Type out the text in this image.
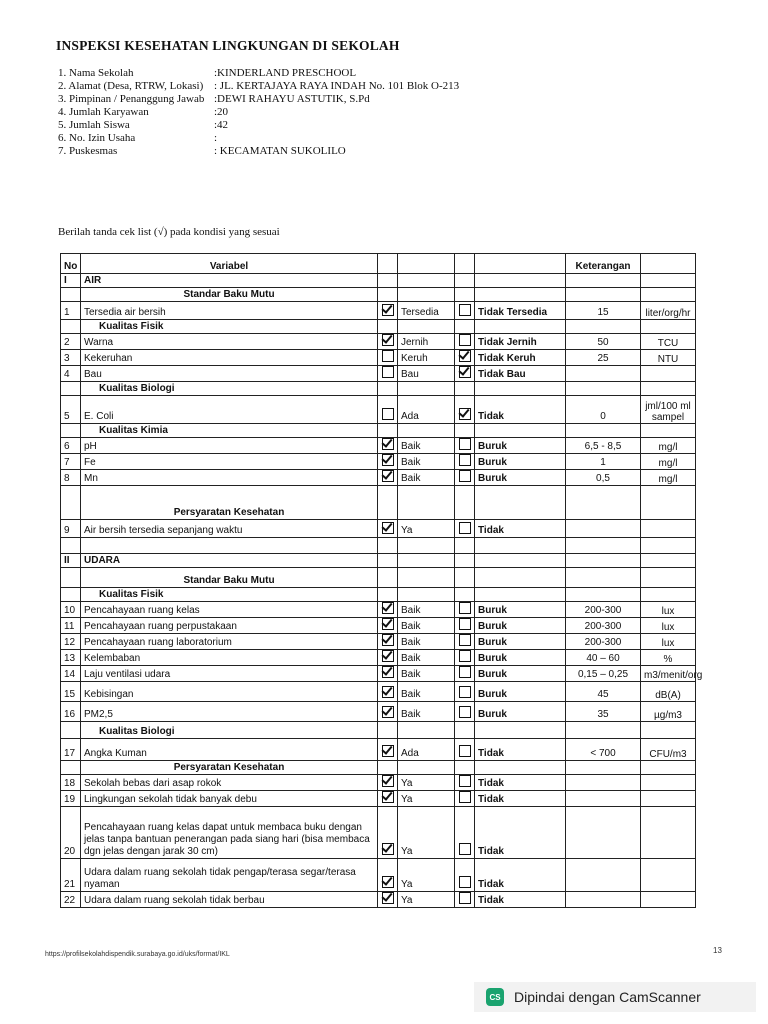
INSPEKSI KESEHATAN LINGKUNGAN DI SEKOLAH
1. Nama Sekolah	:KINDERLAND PRESCHOOL
2. Alamat (Desa, RTRW, Lokasi) : JL. KERTAJAYA RAYA INDAH No. 101 Blok O-213
3. Pimpinan / Penanggung Jawab :DEWI RAHAYU ASTUTIK, S.Pd
4. Jumlah Karyawan	:20
5. Jumlah Siswa	:42
6. No. Izin Usaha	:
7. Puskesmas	: KECAMATAN SUKOLILO
Berilah tanda cek list (√) pada kondisi yang sesuai
No	Variabel					Keterangan	
I	AIR						
	Standar Baku Mutu						
1	Tersedia air bersih		Tersedia		Tidak Tersedia	15	liter/org/hr
	Kualitas Fisik						
2	Warna		Jernih		Tidak Jernih	50	TCU
3	Kekeruhan		Keruh		Tidak Keruh	25	NTU
4	Bau		Bau		Tidak Bau		
	Kualitas Biologi						
5	E. Coli		Ada		Tidak	0	jml/100 ml sampel
	Kualitas Kimia						
6	pH		Baik		Buruk	6,5 - 8,5	mg/l
7	Fe		Baik		Buruk	1	mg/l
8	Mn		Baik		Buruk	0,5	mg/l
	Persyaratan Kesehatan						
9	Air bersih tersedia sepanjang waktu		Ya		Tidak		

II	UDARA						
	Standar Baku Mutu						
	Kualitas Fisik						
10	Pencahayaan ruang kelas		Baik		Buruk	200-300	lux
11	Pencahayaan ruang perpustakaan		Baik		Buruk	200-300	lux
12	Pencahayaan ruang laboratorium		Baik		Buruk	200-300	lux
13	Kelembaban		Baik		Buruk	40 – 60	%
14	Laju ventilasi udara		Baik		Buruk	0,15 – 0,25	m3/menit/org
15	Kebisingan		Baik		Buruk	45	dB(A)
16	PM2,5		Baik		Buruk	35	µg/m3
	Kualitas Biologi						
17	Angka Kuman		Ada		Tidak	< 700	CFU/m3
	Persyaratan Kesehatan						
18	Sekolah bebas dari asap rokok		Ya		Tidak		
19	Lingkungan sekolah tidak banyak debu		Ya		Tidak		
20	Pencahayaan ruang kelas dapat untuk membaca buku dengan jelas tanpa bantuan penerangan pada siang hari (bisa membaca dgn jelas dengan jarak 30 cm)		Ya		Tidak		
21	Udara dalam ruang sekolah tidak pengap/terasa segar/terasa nyaman		Ya		Tidak		
22	Udara dalam ruang sekolah tidak berbau		Ya		Tidak		
https://profilsekolahdispendik.surabaya.go.id/uks/format/IKL	13
CS Dipindai dengan CamScanner
